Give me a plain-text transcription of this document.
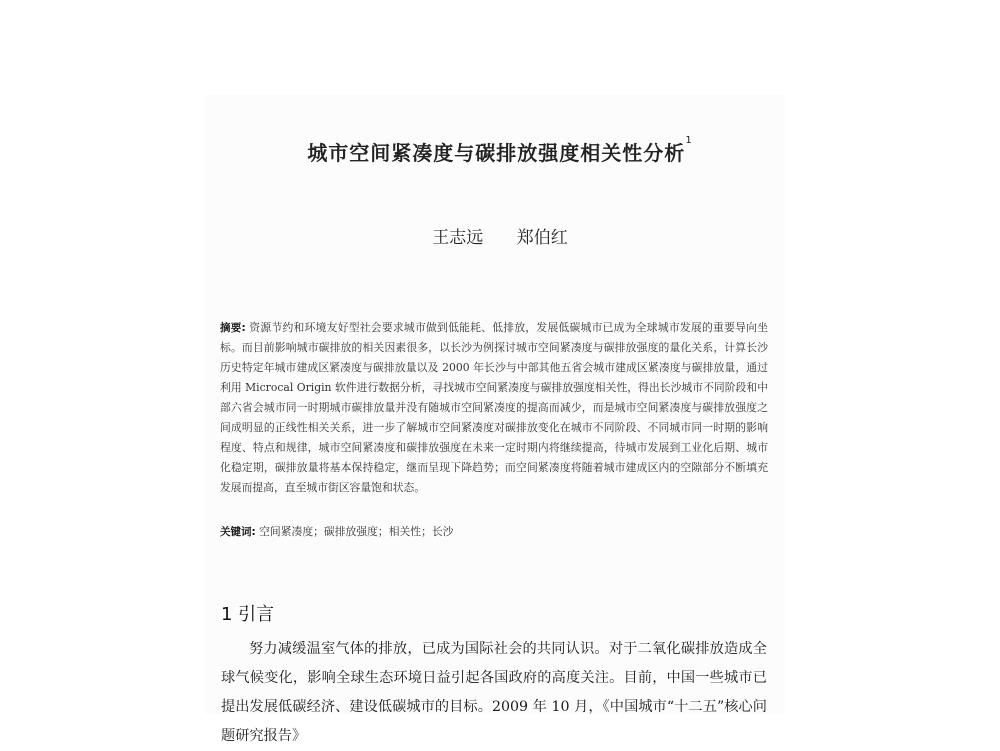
城市空间紧凑度与碳排放强度相关性分析$^1$
王志远 郑伯红
摘要: 资源节约和环境友好型社会要求城市做到低能耗、低排放，发展低碳城市已成为全球城市发展的重要导向坐标。而目前影响城市碳排放的相关因素很多，以长沙为例探讨城市空间紧凑度与碳排放强度的量化关系，计算长沙历史特定年城市建成区紧凑度与碳排放量以及 2000 年长沙与中部其他五省会城市建成区紧凑度与碳排放量，通过利用 Microcal Origin 软件进行数据分析，寻找城市空间紧凑度与碳排放强度相关性，得出长沙城市不同阶段和中部六省会城市同一时期城市碳排放量并没有随城市空间紧凑度的提高而减少，而是城市空间紧凑度与碳排放强度之间成明显的正线性相关关系，进一步了解城市空间紧凑度对碳排放变化在城市不同阶段、不同城市同一时期的影响程度、特点和规律，城市空间紧凑度和碳排放强度在未来一定时期内将继续提高，待城市发展到工业化后期、城市化稳定期，碳排放量将基本保持稳定，继而呈现下降趋势；而空间紧凑度将随着城市建成区内的空隙部分不断填充发展而提高，直至城市街区容量饱和状态。
关键词: 空间紧凑度；碳排放强度；相关性；长沙
1 引言
努力减缓温室气体的排放，已成为国际社会的共同认识。对于二氧化碳排放造成全球气候变化，影响全球生态环境日益引起各国政府的高度关注。目前，中国一些城市已提出发展低碳经济、建设低碳城市的目标。2009 年 10 月，《中国城市“十二五”核心问题研究报告》
